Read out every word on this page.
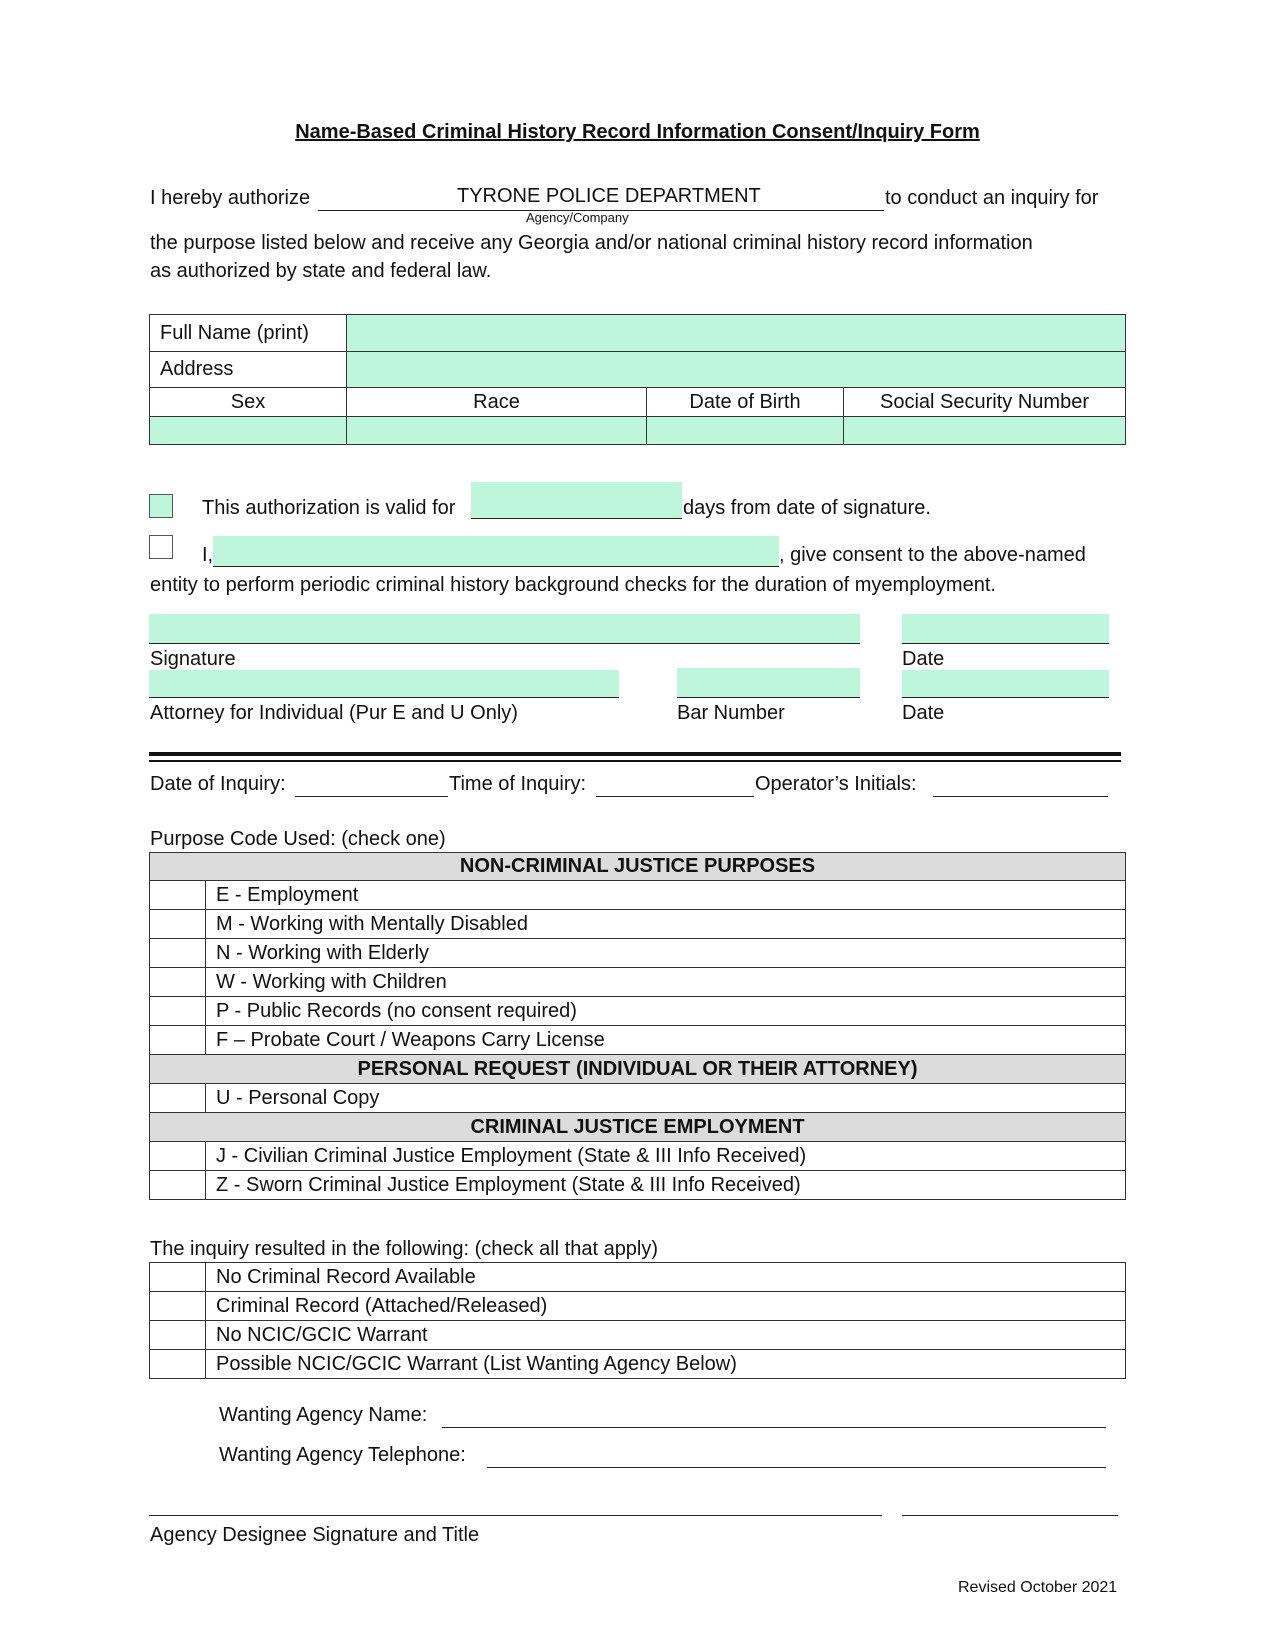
Name-Based Criminal History Record Information Consent/Inquiry Form
I hereby authorize	TYRONE POLICE DEPARTMENT
Agency/Company
to conduct an inquiry for
the purpose listed below and receive any Georgia and/or national criminal history record information
as authorized by state and federal law.
Full Name (print)			
Address			
Sex	Race	Date of Birth	Social Security Number

This authorization is valid for	days from date of signature.
I,	, give consent to the above-named
entity to perform periodic criminal history background checks for the duration of myemployment.
Signature	Date
Attorney for Individual (Pur E and U Only)	Bar Number	Date
Date of Inquiry:	Time of Inquiry:	Operator’s Initials:
Purpose Code Used: (check one)
NON-CRIMINAL JUSTICE PURPOSES	
	E - Employment
	M - Working with Mentally Disabled
	N - Working with Elderly
	W - Working with Children
	P - Public Records (no consent required)
	F – Probate Court / Weapons Carry License
PERSONAL REQUEST (INDIVIDUAL OR THEIR ATTORNEY)	
	U - Personal Copy
CRIMINAL JUSTICE EMPLOYMENT	
	J - Civilian Criminal Justice Employment (State & III Info Received)
	Z - Sworn Criminal Justice Employment (State & III Info Received)
The inquiry resulted in the following: (check all that apply)
	No Criminal Record Available
	Criminal Record (Attached/Released)
	No NCIC/GCIC Warrant
	Possible NCIC/GCIC Warrant (List Wanting Agency Below)
Wanting Agency Name:
Wanting Agency Telephone:
Agency Designee Signature and Title
Revised October 2021
